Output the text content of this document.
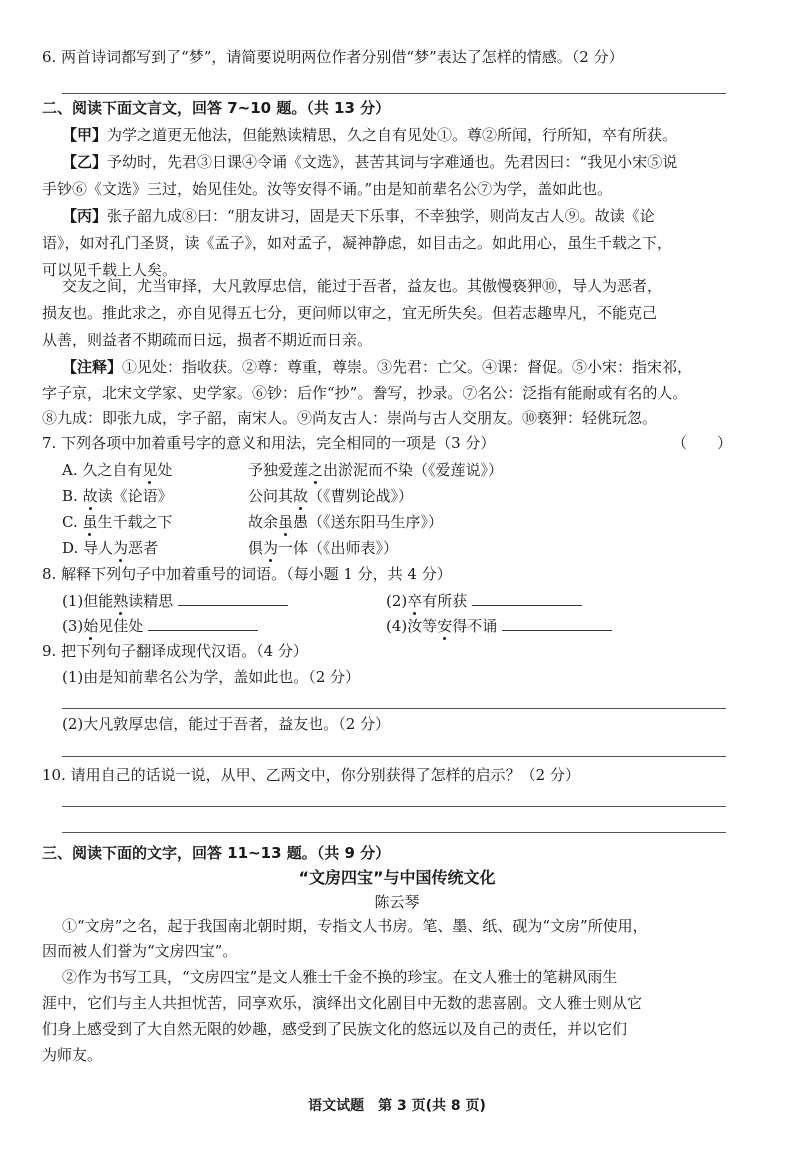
6. 两首诗词都写到了“梦”，请简要说明两位作者分别借“梦”表达了怎样的情感。（2 分）
二、阅读下面文言文，回答 7~10 题。（共 13 分）
【甲】为学之道更无他法，但能熟读精思，久之自有见处①。尊②所闻，行所知，卒有所获。
【乙】予幼时，先君③日课④令诵《文选》，甚苦其词与字难通也。先君因曰：“我见小宋⑤说
手钞⑥《文选》三过，始见佳处。汝等安得不诵。”由是知前辈名公⑦为学，盖如此也。
【丙】张子韶九成⑧曰：“朋友讲习，固是天下乐事，不幸独学，则尚友古人⑨。故读《论
语》，如对孔门圣贤，读《孟子》，如对孟子，凝神静虑，如目击之。如此用心，虽生千载之下，
可以见千载上人矣。
交友之间，尤当审择，大凡敦厚忠信，能过于吾者，益友也。其傲慢亵狎⑩，导人为恶者，
损友也。推此求之，亦自见得五七分，更问师以审之，宜无所失矣。但若志趣卑凡，不能克己
从善，则益者不期疏而日远，损者不期近而日亲。
【注释】①见处：指收获。②尊：尊重，尊崇。③先君：亡父。④课：督促。⑤小宋：指宋祁，
字子京，北宋文学家、史学家。⑥钞：后作“抄”。誊写，抄录。⑦名公：泛指有能耐或有名的人。
⑧九成：即张九成，字子韶，南宋人。⑨尚友古人：崇尚与古人交朋友。⑩亵狎：轻佻玩忽。
7. 下列各项中加着重号字的意义和用法，完全相同的一项是（3 分）	（　　）
A. 久之自有见处	予独爱莲之出淤泥而不染（《爱莲说》）
B. 故读《论语》	公问其故（《曹刿论战》）
C. 虽生千载之下	故余虽愚（《送东阳马生序》）
D. 导人为恶者	俱为一体（《出师表》）
8. 解释下列句子中加着重号的词语。（每小题 1 分，共 4 分）
(1)但能熟读精思	(2)卒有所获
(3)始见佳处	(4)汝等安得不诵
9. 把下列句子翻译成现代汉语。（4 分）
(1)由是知前辈名公为学，盖如此也。（2 分）
(2)大凡敦厚忠信，能过于吾者，益友也。（2 分）
10. 请用自己的话说一说，从甲、乙两文中，你分别获得了怎样的启示？（2 分）
三、阅读下面的文字，回答 11~13 题。（共 9 分）
“文房四宝”与中国传统文化
陈云琴
①“文房”之名，起于我国南北朝时期，专指文人书房。笔、墨、纸、砚为“文房”所使用，
因而被人们誉为“文房四宝”。
②作为书写工具，“文房四宝”是文人雅士千金不换的珍宝。在文人雅士的笔耕风雨生
涯中，它们与主人共担忧苦，同享欢乐，演绎出文化剧目中无数的悲喜剧。文人雅士则从它
们身上感受到了大自然无限的妙趣，感受到了民族文化的悠远以及自己的责任，并以它们
为师友。
语文试题　第 3 页(共 8 页)
